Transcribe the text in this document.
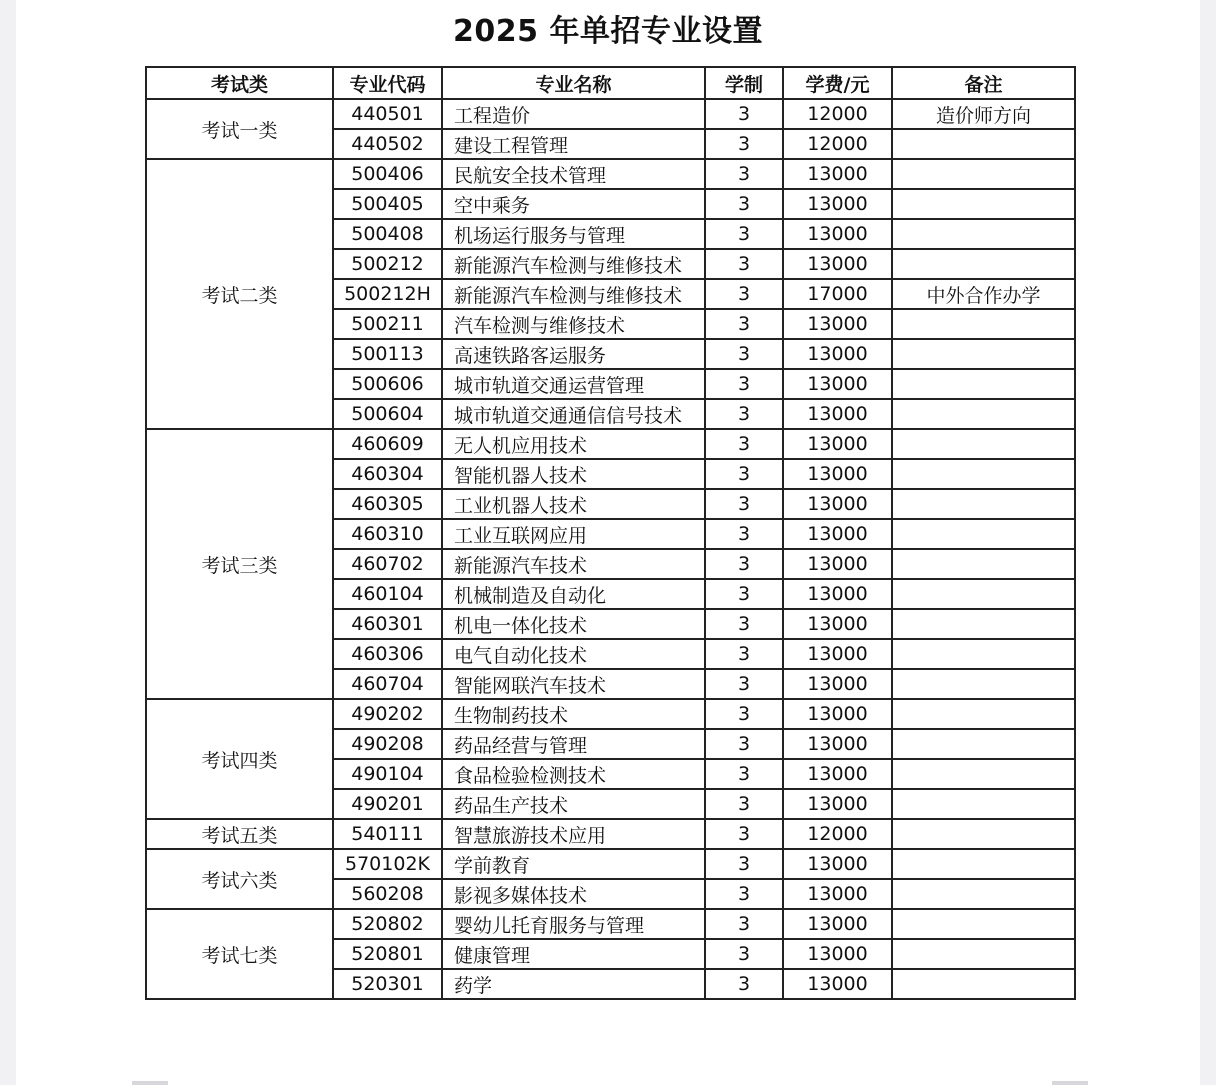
2025 年单招专业设置
考试类	专业代码	专业名称	学制	学费/元	备注
考试一类	440501	工程造价	3	12000	造价师方向
	440502	建设工程管理	3	12000	
考试二类	500406	民航安全技术管理	3	13000	
	500405	空中乘务	3	13000	
	500408	机场运行服务与管理	3	13000	
	500212	新能源汽车检测与维修技术	3	13000	
	500212H	新能源汽车检测与维修技术	3	17000	中外合作办学
	500211	汽车检测与维修技术	3	13000	
	500113	高速铁路客运服务	3	13000	
	500606	城市轨道交通运营管理	3	13000	
	500604	城市轨道交通通信信号技术	3	13000	
考试三类	460609	无人机应用技术	3	13000	
	460304	智能机器人技术	3	13000	
	460305	工业机器人技术	3	13000	
	460310	工业互联网应用	3	13000	
	460702	新能源汽车技术	3	13000	
	460104	机械制造及自动化	3	13000	
	460301	机电一体化技术	3	13000	
	460306	电气自动化技术	3	13000	
	460704	智能网联汽车技术	3	13000	
考试四类	490202	生物制药技术	3	13000	
	490208	药品经营与管理	3	13000	
	490104	食品检验检测技术	3	13000	
	490201	药品生产技术	3	13000	
考试五类	540111	智慧旅游技术应用	3	12000	
考试六类	570102K	学前教育	3	13000	
	560208	影视多媒体技术	3	13000	
考试七类	520802	婴幼儿托育服务与管理	3	13000	
	520801	健康管理	3	13000	
	520301	药学	3	13000	
